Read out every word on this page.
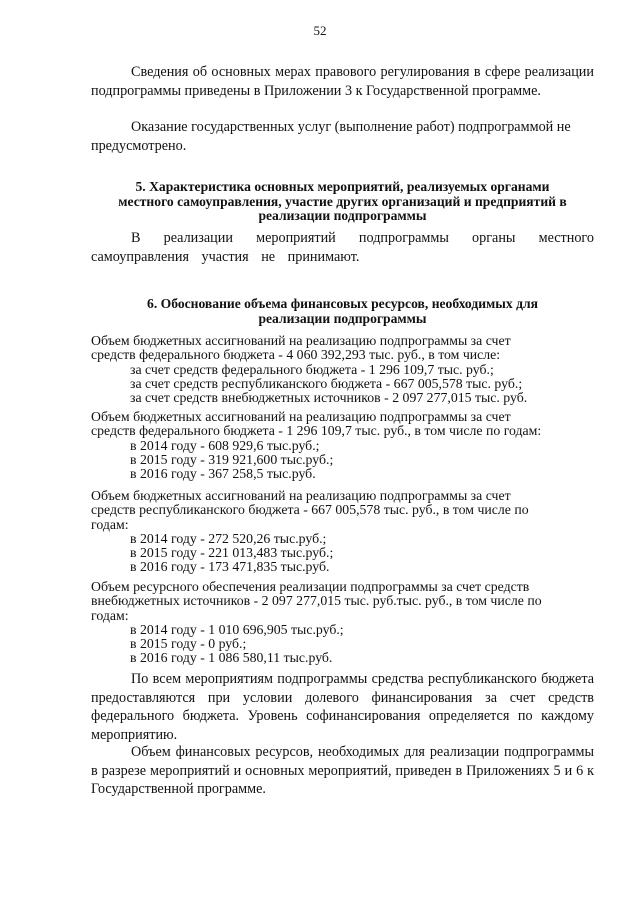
52

Сведения об основных мерах правового регулирования в сфере реализации подпрограммы приведены в Приложении 3 к Государственной программе.

Оказание государственных услуг (выполнение работ) подпрограммой не предусмотрено.

5. Характеристика основных мероприятий, реализуемых органами
местного самоуправления, участие других организаций и предприятий в
реализации подпрограммы

В реализации мероприятий подпрограммы органы местного самоуправления участия не принимают.

6. Обоснование объема финансовых ресурсов, необходимых для
реализации подпрограммы
Объем бюджетных ассигнований на реализацию подпрограммы за счет
средств федерального бюджета - 4 060 392,293 тыс. руб., в том числе:
за счет средств федерального бюджета - 1 296 109,7 тыс. руб.;
за счет средств республиканского бюджета - 667 005,578 тыс. руб.;
за счет средств внебюджетных источников - 2 097 277,015 тыс. руб.
Объем бюджетных ассигнований на реализацию подпрограммы за счет
средств федерального бюджета - 1 296 109,7 тыс. руб., в том числе по годам:
в 2014 году - 608 929,6 тыс.руб.;
в 2015 году - 319 921,600 тыс.руб.;
в 2016 году - 367 258,5 тыс.руб.
Объем бюджетных ассигнований на реализацию подпрограммы за счет
средств республиканского бюджета - 667 005,578 тыс. руб., в том числе по
годам:
в 2014 году - 272 520,26 тыс.руб.;
в 2015 году - 221 013,483 тыс.руб.;
в 2016 году - 173 471,835 тыс.руб.
Объем ресурсного обеспечения реализации подпрограммы за счет средств
внебюджетных источников - 2 097 277,015 тыс. руб.тыс. руб., в том числе по
годам:
в 2014 году - 1 010 696,905 тыс.руб.;
в 2015 году - 0 руб.;
в 2016 году - 1 086 580,11 тыс.руб.

По всем мероприятиям подпрограммы средства республиканского бюджета предоставляются при условии долевого финансирования за счет средств федерального бюджета. Уровень софинансирования определяется по каждому мероприятию.

Объем финансовых ресурсов, необходимых для реализации подпрограммы в разрезе мероприятий и основных мероприятий, приведен в Приложениях 5 и 6 к Государственной программе.
